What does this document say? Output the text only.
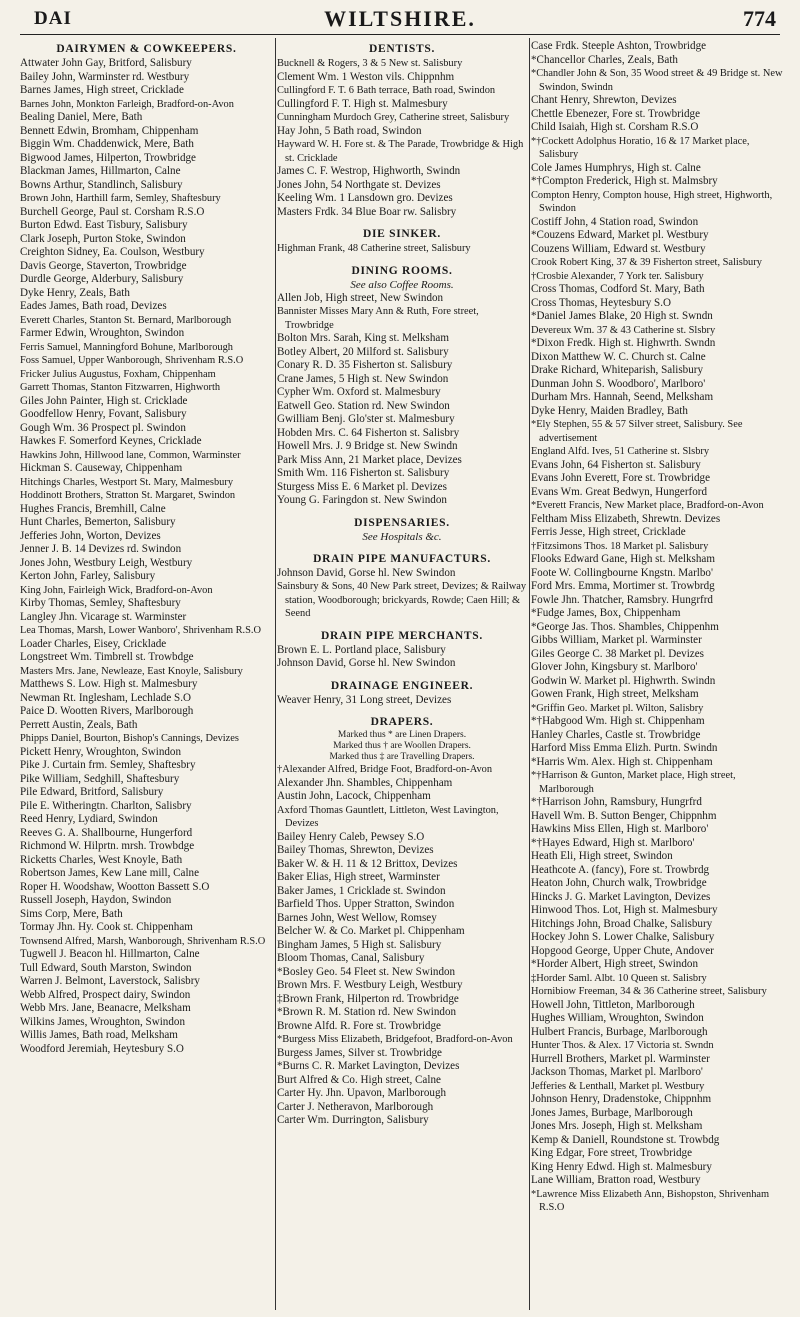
DAI	WILTSHIRE.	774
DAIRYMEN & COWKEEPERS.
Attwater John Gay, Britford, Salisbury
Bailey John, Warminster rd. Westbury
Barnes James, High street, Cricklade
Barnes John, Monkton Farleigh, Bradford-on-Avon
Bealing Daniel, Mere, Bath
Bennett Edwin, Bromham, Chippenham
Biggin Wm. Chaddenwick, Mere, Bath
Bigwood James, Hilperton, Trowbridge
Blackman James, Hillmarton, Calne
Bowns Arthur, Standlinch, Salisbury
Brown John, Harthill farm, Semley, Shaftesbury
Burchell George, Paul st. Corsham R.S.O
Burton Edwd. East Tisbury, Salisbury
Clark Joseph, Purton Stoke, Swindon
Creighton Sidney, Ea. Coulson, Westbury
Davis George, Staverton, Trowbridge
Durdle George, Alderbury, Salisbury
Dyke Henry, Zeals, Bath
Eades James, Bath road, Devizes
Everett Charles, Stanton St. Bernard, Marlborough
Farmer Edwin, Wroughton, Swindon
Ferris Samuel, Manningford Bohune, Marlborough
Foss Samuel, Upper Wanborough, Shrivenham R.S.O
Fricker Julius Augustus, Foxham, Chippenham
Garrett Thomas, Stanton Fitzwarren, Highworth
Giles John Painter, High st. Cricklade
Goodfellow Henry, Fovant, Salisbury
Gough Wm. 36 Prospect pl. Swindon
Hawkes F. Somerford Keynes, Cricklade
Hawkins John, Hillwood lane, Common, Warminster
Hickman S. Causeway, Chippenham
Hitchings Charles, Westport St. Mary, Malmesbury
Hoddinott Brothers, Stratton St. Margaret, Swindon
Hughes Francis, Bremhill, Calne
Hunt Charles, Bemerton, Salisbury
Jefferies John, Worton, Devizes
Jenner J. B. 14 Devizes rd. Swindon
Jones John, Westbury Leigh, Westbury
Kerton John, Farley, Salisbury
King John, Fairleigh Wick, Bradford-on-Avon
Kirby Thomas, Semley, Shaftesbury
Langley Jhn. Vicarage st. Warminster
Lea Thomas, Marsh, Lower Wanboro', Shrivenham R.S.O
Loader Charles, Eisey, Cricklade
Longstreet Wm. Timbrell st. Trowbdge
Masters Mrs. Jane, Newleaze, East Knoyle, Salisbury
Matthews S. Low. High st. Malmesbury
Newman Rt. Inglesham, Lechlade S.O
Paice D. Wootten Rivers, Marlborough
Perrett Austin, Zeals, Bath
Phipps Daniel, Bourton, Bishop's Cannings, Devizes
Pickett Henry, Wroughton, Swindon
Pike J. Curtain frm. Semley, Shaftesbry
Pike William, Sedghill, Shaftesbury
Pile Edward, Britford, Salisbury
Pile E. Witheringtn. Charlton, Salisbry
Reed Henry, Lydiard, Swindon
Reeves G. A. Shallbourne, Hungerford
Richmond W. Hilprtn. mrsh. Trowbdge
Ricketts Charles, West Knoyle, Bath
Robertson James, Kew Lane mill, Calne
Roper H. Woodshaw, Wootton Bassett S.O
Russell Joseph, Haydon, Swindon
Sims Corp, Mere, Bath
Tormay Jhn. Hy. Cook st. Chippenham
Townsend Alfred, Marsh, Wanborough, Shrivenham R.S.O
Tugwell J. Beacon hl. Hillmarton, Calne
Tull Edward, South Marston, Swindon
Warren J. Belmont, Laverstock, Salisbry
Webb Alfred, Prospect dairy, Swindon
Webb Mrs. Jane, Beanacre, Melksham
Wilkins James, Wroughton, Swindon
Willis James, Bath road, Melksham
Woodford Jeremiah, Heytesbury S.O
DENTISTS.
Bucknell & Rogers, 3 & 5 New st. Salisbury
Clement Wm. 1 Weston vils. Chippnhm
Cullingford F. T. 6 Bath terrace, Bath road, Swindon
Cullingford F. T. High st. Malmesbury
Cunningham Murdoch Grey, Catherine street, Salisbury
Hay John, 5 Bath road, Swindon
Hayward W. H. Fore st. & The Parade, Trowbridge & High st. Cricklade
James C. F. Westrop, Highworth, Swindn
Jones John, 54 Northgate st. Devizes
Keeling Wm. 1 Lansdown gro. Devizes
Masters Frdk. 34 Blue Boar rw. Salisbry
DIE SINKER.
Highman Frank, 48 Catherine street, Salisbury
DINING ROOMS.
See also Coffee Rooms.
Allen Job, High street, New Swindon
Bannister Misses Mary Ann & Ruth, Fore street, Trowbridge
Bolton Mrs. Sarah, King st. Melksham
Botley Albert, 20 Milford st. Salisbury
Conary R. D. 35 Fisherton st. Salisbury
Crane James, 5 High st. New Swindon
Cypher Wm. Oxford st. Malmesbury
Eatwell Geo. Station rd. New Swindon
Gwilliam Benj. Glo'ster st. Malmesbury
Hobden Mrs. C. 64 Fisherton st. Salisbry
Howell Mrs. J. 9 Bridge st. New Swindn
Park Miss Ann, 21 Market place, Devizes
Smith Wm. 116 Fisherton st. Salisbury
Sturgess Miss E. 6 Market pl. Devizes
Young G. Faringdon st. New Swindon
DISPENSARIES.
See Hospitals &c.
DRAIN PIPE MANUFACTURS.
Johnson David, Gorse hl. New Swindon
Sainsbury & Sons, 40 New Park street, Devizes; & Railway station, Woodborough; brickyards, Rowde; Caen Hill; & Seend
DRAIN PIPE MERCHANTS.
Brown E. L. Portland place, Salisbury
Johnson David, Gorse hl. New Swindon
DRAINAGE ENGINEER.
Weaver Henry, 31 Long street, Devizes
DRAPERS.
Marked thus * are Linen Drapers.
Marked thus † are Woollen Drapers.
Marked thus ‡ are Travelling Drapers.
†Alexander Alfred, Bridge Foot, Bradford-on-Avon
Alexander Jhn. Shambles, Chippenham
Austin John, Lacock, Chippenham
Axford Thomas Gauntlett, Littleton, West Lavington, Devizes
Bailey Henry Caleb, Pewsey S.O
Bailey Thomas, Shrewton, Devizes
Baker W. & H. 11 & 12 Brittox, Devizes
Baker Elias, High street, Warminster
Baker James, 1 Cricklade st. Swindon
Barfield Thos. Upper Stratton, Swindon
Barnes John, West Wellow, Romsey
Belcher W. & Co. Market pl. Chippenham
Bingham James, 5 High st. Salisbury
Bloom Thomas, Canal, Salisbury
*Bosley Geo. 54 Fleet st. New Swindon
Brown Mrs. F. Westbury Leigh, Westbury
‡Brown Frank, Hilperton rd. Trowbridge
*Brown R. M. Station rd. New Swindon
Browne Alfd. R. Fore st. Trowbridge
*Burgess Miss Elizabeth, Bridgefoot, Bradford-on-Avon
Burgess James, Silver st. Trowbridge
*Burns C. R. Market Lavington, Devizes
Burt Alfred & Co. High street, Calne
Carter Hy. Jhn. Upavon, Marlborough
Carter J. Netheravon, Marlborough
Carter Wm. Durrington, Salisbury
Case Frdk. Steeple Ashton, Trowbridge
*Chancellor Charles, Zeals, Bath
*Chandler John & Son, 35 Wood street & 49 Bridge st. New Swindon, Swindn
Chant Henry, Shrewton, Devizes
Chettle Ebenezer, Fore st. Trowbridge
Child Isaiah, High st. Corsham R.S.O
*†Cockett Adolphus Horatio, 16 & 17 Market place, Salisbury
Cole James Humphrys, High st. Calne
*†Compton Frederick, High st. Malmsbry
Compton Henry, Compton house, High street, Highworth, Swindon
Costiff John, 4 Station road, Swindon
*Couzens Edward, Market pl. Westbury
Couzens William, Edward st. Westbury
Crook Robert King, 37 & 39 Fisherton street, Salisbury
†Crosbie Alexander, 7 York ter. Salisbury
Cross Thomas, Codford St. Mary, Bath
Cross Thomas, Heytesbury S.O
*Daniel James Blake, 20 High st. Swndn
Devereux Wm. 37 & 43 Catherine st. Slsbry
*Dixon Fredk. High st. Highwrth. Swndn
Dixon Matthew W. C. Church st. Calne
Drake Richard, Whiteparish, Salisbury
Dunman John S. Woodboro', Marlboro'
Durham Mrs. Hannah, Seend, Melksham
Dyke Henry, Maiden Bradley, Bath
*Ely Stephen, 55 & 57 Silver street, Salisbury. See advertisement
England Alfd. Ives, 51 Catherine st. Slsbry
Evans John, 64 Fisherton st. Salisbury
Evans John Everett, Fore st. Trowbridge
Evans Wm. Great Bedwyn, Hungerford
*Everett Francis, New Market place, Bradford-on-Avon
Feltham Miss Elizabeth, Shrewtn. Devizes
Ferris Jesse, High street, Cricklade
†Fitzsimons Thos. 18 Market pl. Salisbury
Flooks Edward Gane, High st. Melksham
Foote W. Collingbourne Kngstn. Marlbo'
Ford Mrs. Emma, Mortimer st. Trowbrdg
Fowle Jhn. Thatcher, Ramsbry. Hungrfrd
*Fudge James, Box, Chippenham
*George Jas. Thos. Shambles, Chippenhm
Gibbs William, Market pl. Warminster
Giles George C. 38 Market pl. Devizes
Glover John, Kingsbury st. Marlboro'
Godwin W. Market pl. Highwrth. Swindn
Gowen Frank, High street, Melksham
*Griffin Geo. Market pl. Wilton, Salisbry
*†Habgood Wm. High st. Chippenham
Hanley Charles, Castle st. Trowbridge
Harford Miss Emma Elizh. Purtn. Swindn
*Harris Wm. Alex. High st. Chippenham
*†Harrison & Gunton, Market place, High street, Marlborough
*†Harrison John, Ramsbury, Hungrfrd
Havell Wm. B. Sutton Benger, Chippnhm
Hawkins Miss Ellen, High st. Marlboro'
*†Hayes Edward, High st. Marlboro'
Heath Eli, High street, Swindon
Heathcote A. (fancy), Fore st. Trowbrdg
Heaton John, Church walk, Trowbridge
Hincks J. G. Market Lavington, Devizes
Hinwood Thos. Lot, High st. Malmesbury
Hitchings John, Broad Chalke, Salisbury
Hockey John S. Lower Chalke, Salisbury
Hopgood George, Upper Chute, Andover
*Horder Albert, High street, Swindon
‡Horder Saml. Albt. 10 Queen st. Salisbry
Hornibiow Freeman, 34 & 36 Catherine street, Salisbury
Howell John, Tittleton, Marlborough
Hughes William, Wroughton, Swindon
Hulbert Francis, Burbage, Marlborough
Hunter Thos. & Alex. 17 Victoria st. Swndn
Hurrell Brothers, Market pl. Warminster
Jackson Thomas, Market pl. Marlboro'
Jefferies & Lenthall, Market pl. Westbury
Johnson Henry, Dradenstoke, Chippnhm
Jones James, Burbage, Marlborough
Jones Mrs. Joseph, High st. Melksham
Kemp & Daniell, Roundstone st. Trowbdg
King Edgar, Fore street, Trowbridge
King Henry Edwd. High st. Malmesbury
Lane William, Bratton road, Westbury
*Lawrence Miss Elizabeth Ann, Bishopston, Shrivenham R.S.O
